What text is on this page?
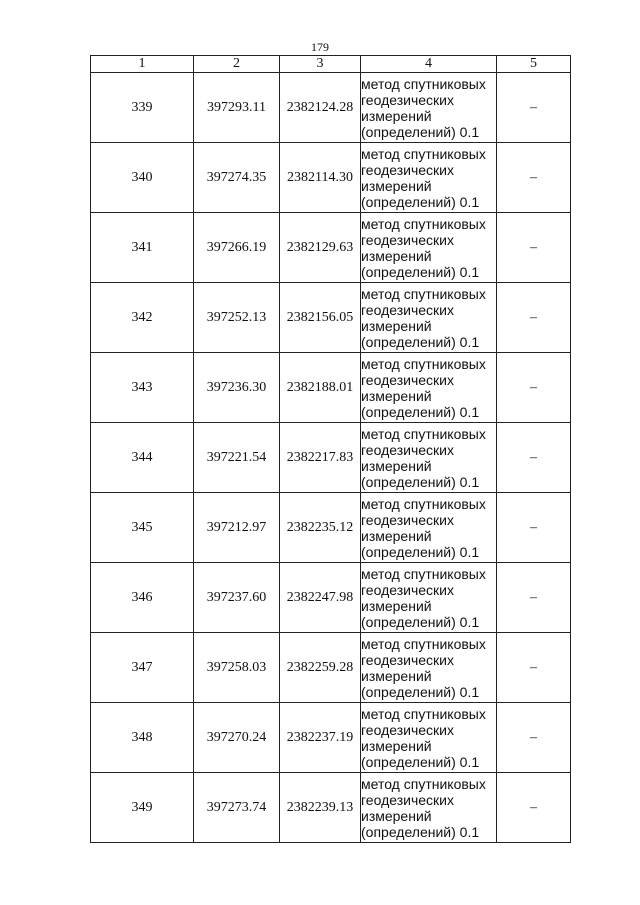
179
1	2	3	4	5
339	397293.11	2382124.28	метод спутниковых
геодезических
измерений
(определений) 0.1	–
340	397274.35	2382114.30	метод спутниковых
геодезических
измерений
(определений) 0.1	–
341	397266.19	2382129.63	метод спутниковых
геодезических
измерений
(определений) 0.1	–
342	397252.13	2382156.05	метод спутниковых
геодезических
измерений
(определений) 0.1	–
343	397236.30	2382188.01	метод спутниковых
геодезических
измерений
(определений) 0.1	–
344	397221.54	2382217.83	метод спутниковых
геодезических
измерений
(определений) 0.1	–
345	397212.97	2382235.12	метод спутниковых
геодезических
измерений
(определений) 0.1	–
346	397237.60	2382247.98	метод спутниковых
геодезических
измерений
(определений) 0.1	–
347	397258.03	2382259.28	метод спутниковых
геодезических
измерений
(определений) 0.1	–
348	397270.24	2382237.19	метод спутниковых
геодезических
измерений
(определений) 0.1	–
349	397273.74	2382239.13	метод спутниковых
геодезических
измерений
(определений) 0.1	–
